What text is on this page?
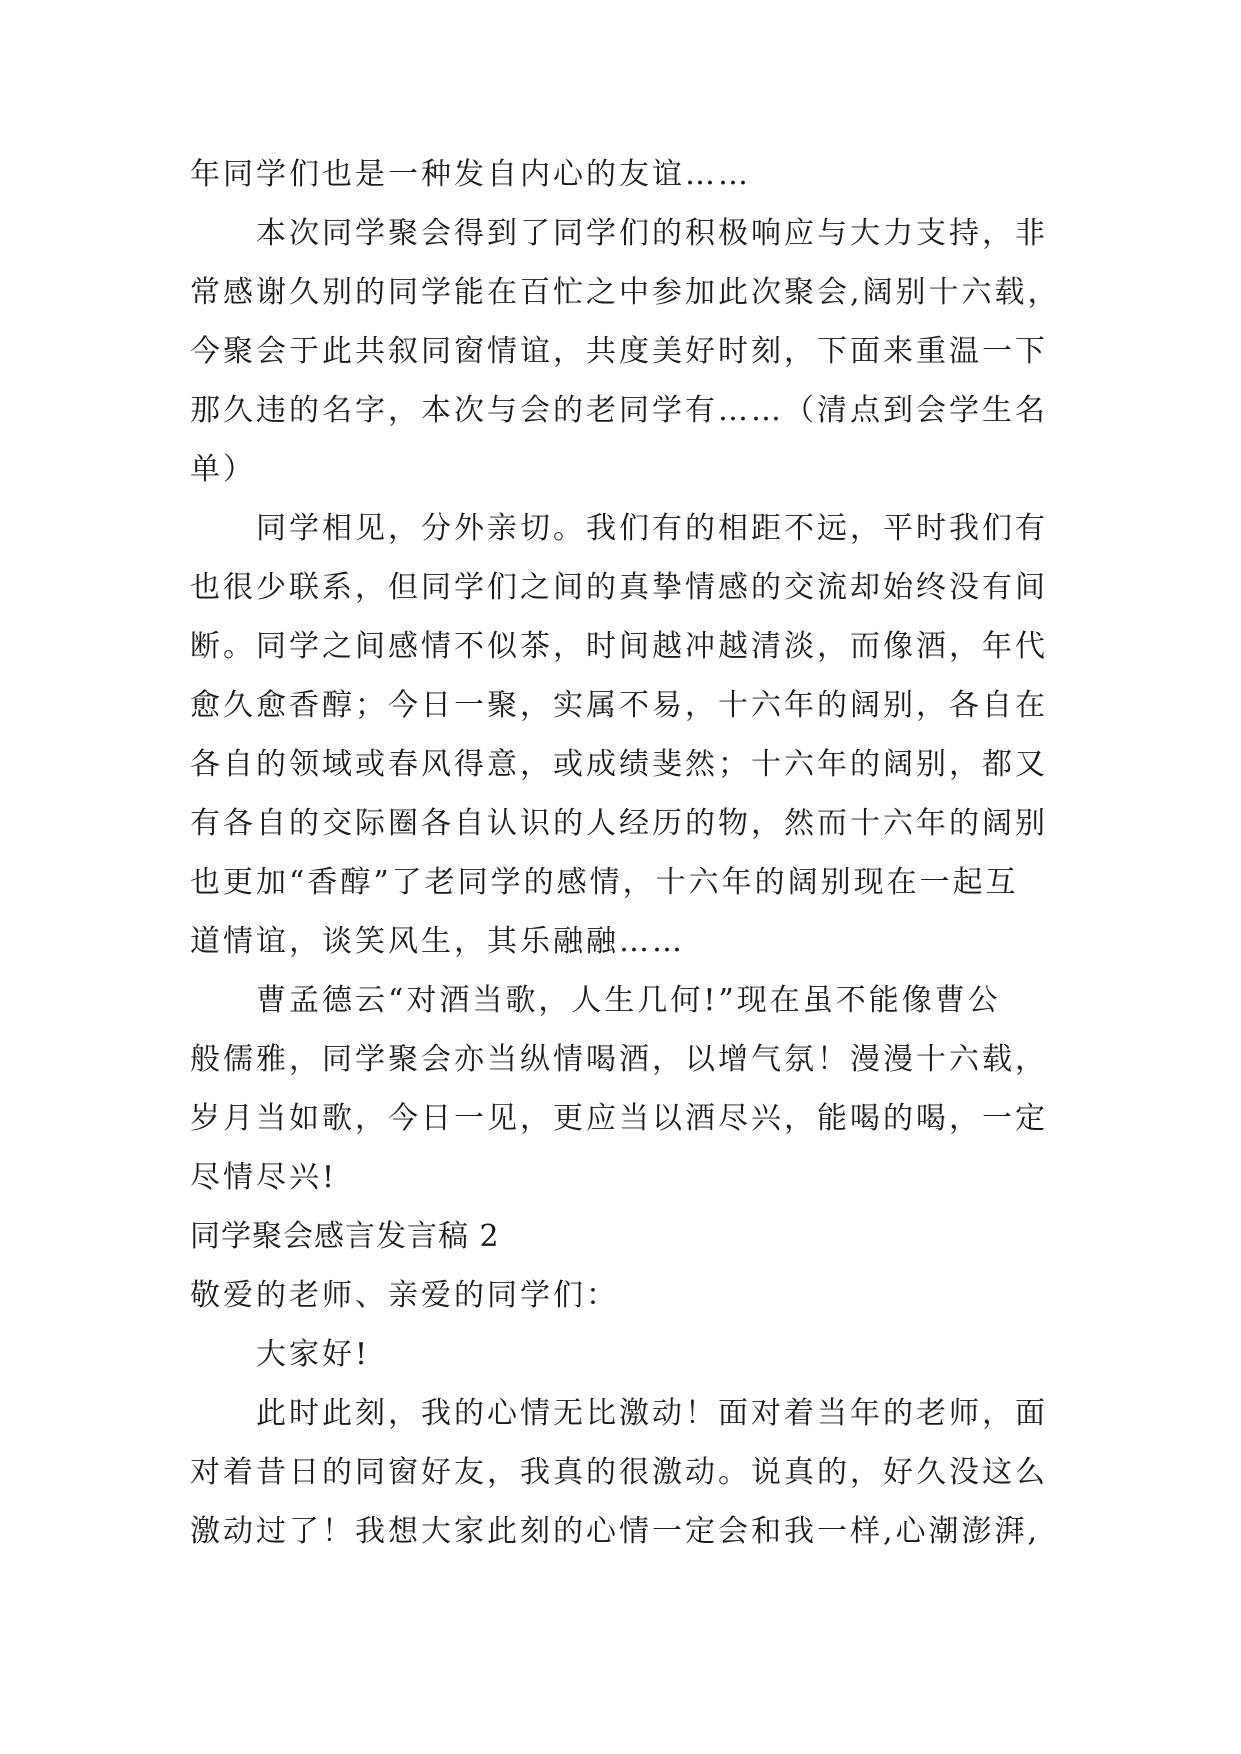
年同学们也是一种发自内心的友谊……
本次同学聚会得到了同学们的积极响应与大力支持，非
常感谢久别的同学能在百忙之中参加此次聚会,阔别十六载，
今聚会于此共叙同窗情谊，共度美好时刻，下面来重温一下
那久违的名字，本次与会的老同学有……（清点到会学生名
单）
同学相见，分外亲切。我们有的相距不远，平时我们有
也很少联系，但同学们之间的真挚情感的交流却始终没有间
断。同学之间感情不似茶，时间越冲越清淡，而像酒，年代
愈久愈香醇；今日一聚，实属不易，十六年的阔别，各自在
各自的领域或春风得意，或成绩斐然；十六年的阔别，都又
有各自的交际圈各自认识的人经历的物，然而十六年的阔别
也更加“香醇”了老同学的感情，十六年的阔别现在一起互
道情谊，谈笑风生，其乐融融……
曹孟德云“对酒当歌，人生几何!”现在虽不能像曹公
般儒雅，同学聚会亦当纵情喝酒，以增气氛！漫漫十六载，
岁月当如歌，今日一见，更应当以酒尽兴，能喝的喝，一定
尽情尽兴!
同学聚会感言发言稿 2
敬爱的老师、亲爱的同学们：
大家好!
此时此刻，我的心情无比激动！面对着当年的老师，面
对着昔日的同窗好友，我真的很激动。说真的，好久没这么
激动过了！我想大家此刻的心情一定会和我一样,心潮澎湃,
